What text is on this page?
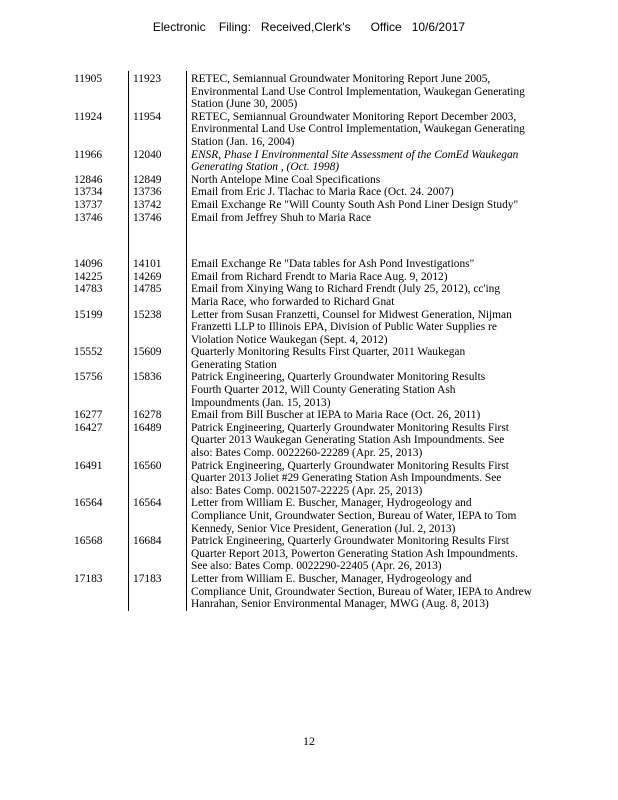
Electronic    Filing:   Received,Clerk's      Office   10/6/2017

11905	11923	RETEC, Semiannual Groundwater Monitoring Report June 2005,
Environmental Land Use Control Implementation, Waukegan Generating
Station (June 30, 2005)

11924	11954	RETEC, Semiannual Groundwater Monitoring Report December 2003,
Environmental Land Use Control Implementation, Waukegan Generating
Station (Jan. 16, 2004)

11966	12040	ENSR, Phase I Environmental Site Assessment of the ComEd Waukegan
Generating Station , (Oct. 1998)

12846	12849	North Antelope Mine Coal Specifications

13734	13736	Email from Eric J. Tlachac to Maria Race (Oct. 24. 2007)

13737	13742	Email Exchange Re "Will County South Ash Pond Liner Design Study"

13746	13746	Email from Jeffrey Shuh to Maria Race

14096	14101	Email Exchange Re "Data tables for Ash Pond Investigations"

14225	14269	Email from Richard Frendt to Maria Race Aug. 9, 2012)

14783	14785	Email from Xinying Wang to Richard Frendt (July 25, 2012), cc'ing
Maria Race, who forwarded to Richard Gnat

15199	15238	Letter from Susan Franzetti, Counsel for Midwest Generation, Nijman
Franzetti LLP to Illinois EPA, Division of Public Water Supplies re
Violation Notice Waukegan (Sept. 4, 2012)

15552	15609	Quarterly Monitoring Results First Quarter, 2011 Waukegan
Generating Station

15756	15836	Patrick Engineering, Quarterly Groundwater Monitoring Results
Fourth Quarter 2012, Will County Generating Station Ash
Impoundments (Jan. 15, 2013)

16277	16278	Email from Bill Buscher at IEPA to Maria Race (Oct. 26, 2011)

16427	16489	Patrick Engineering, Quarterly Groundwater Monitoring Results First
Quarter 2013 Waukegan Generating Station Ash Impoundments. See
also: Bates Comp. 0022260-22289 (Apr. 25, 2013)

16491	16560	Patrick Engineering, Quarterly Groundwater Monitoring Results First
Quarter 2013 Joliet #29 Generating Station Ash Impoundments. See
also: Bates Comp. 0021507-22225 (Apr. 25, 2013)

16564	16564	Letter from William E. Buscher, Manager, Hydrogeology and
Compliance Unit, Groundwater Section, Bureau of Water, IEPA to Tom
Kennedy, Senior Vice President, Generation (Jul. 2, 2013)

16568	16684	Patrick Engineering, Quarterly Groundwater Monitoring Results First
Quarter Report 2013, Powerton Generating Station Ash Impoundments.
See also: Bates Comp. 0022290-22405 (Apr. 26, 2013)

17183	17183	Letter from William E. Buscher, Manager, Hydrogeology and
Compliance Unit, Groundwater Section, Bureau of Water, IEPA to Andrew
Hanrahan, Senior Environmental Manager, MWG (Aug. 8, 2013)
12
